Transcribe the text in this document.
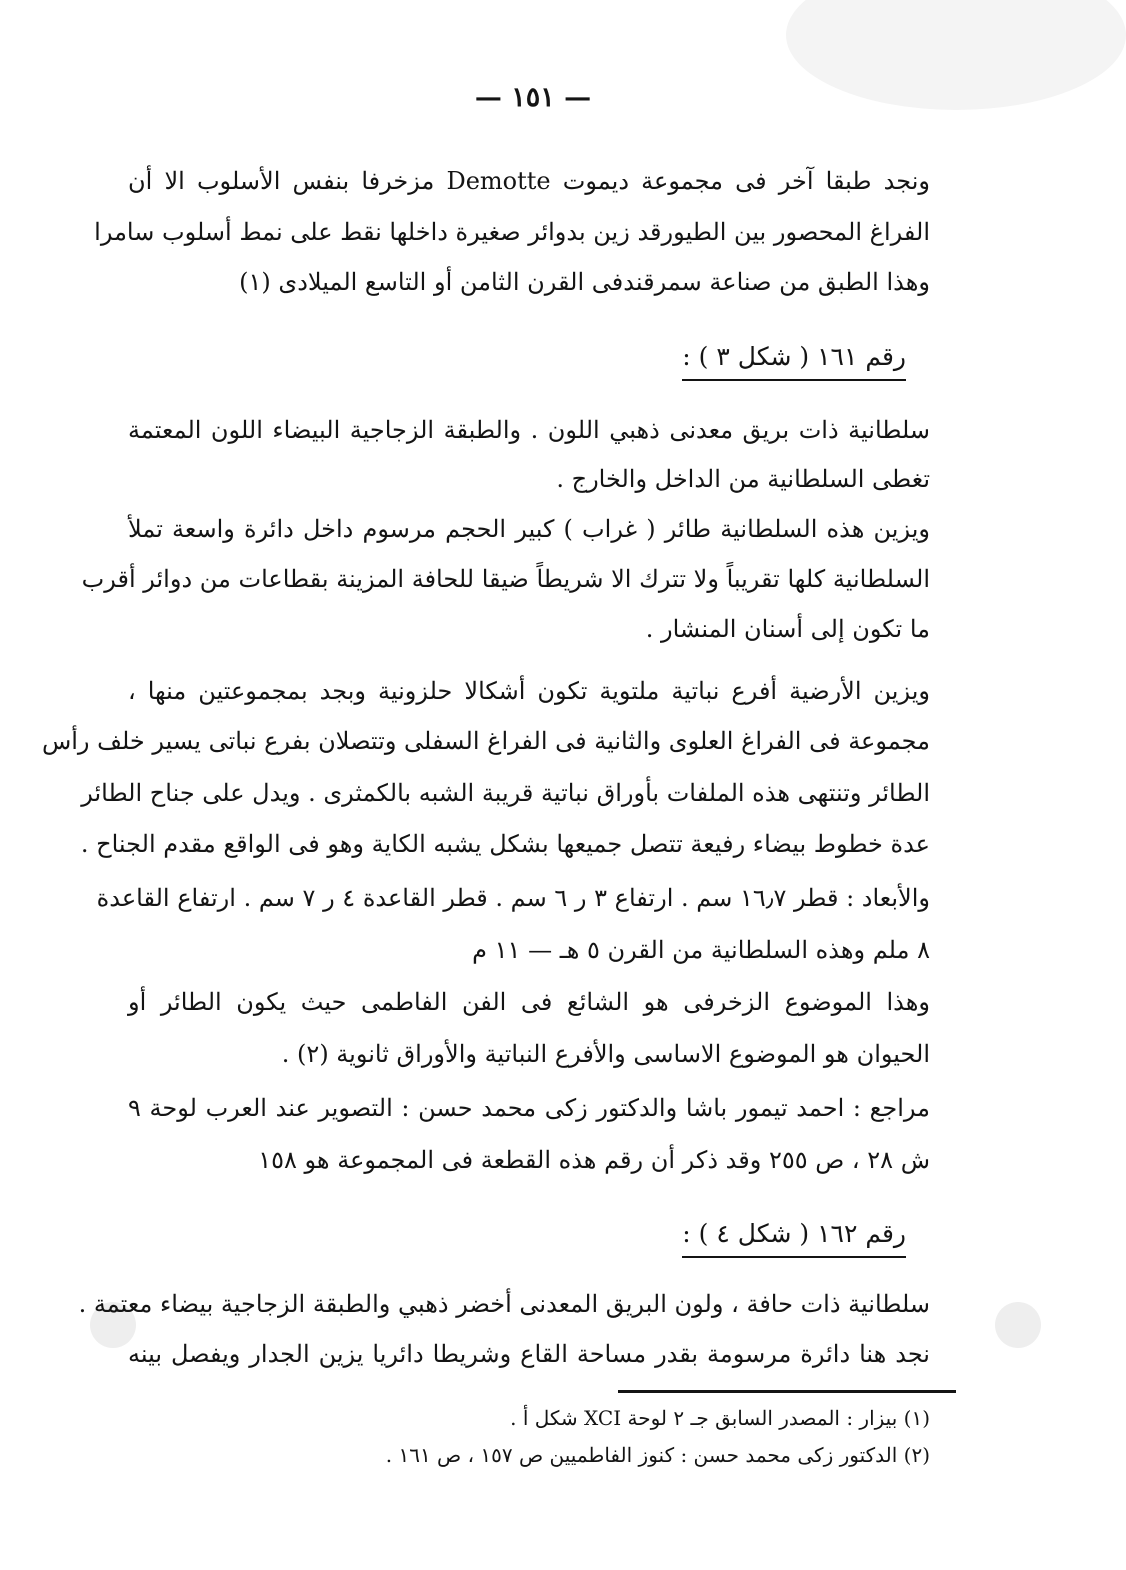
— ١٥١ —
ونجد طبقا آخر فى مجموعة ديموت Demotte مزخرفا بنفس الأسلوب الا أن
الفراغ المحصور بين الطيورقد زين بدوائر صغيرة داخلها نقط على نمط أسلوب سامرا
وهذا الطبق من صناعة سمرقندفى القرن الثامن أو التاسع الميلادى (١)
رقم ١٦١ ( شكل ٣ ) :
سلطانية ذات بريق معدنى ذهبي اللون . والطبقة الزجاجية البيضاء اللون المعتمة
تغطى السلطانية من الداخل والخارج .
ويزين هذه السلطانية طائر ( غراب ) كبير الحجم مرسوم داخل دائرة واسعة تملأ
السلطانية كلها تقريباً ولا تترك الا شريطاً ضيقا للحافة المزينة بقطاعات من دوائر أقرب
ما تكون إلى أسنان المنشار .
ويزين الأرضية أفرع نباتية ملتوية تكون أشكالا حلزونية وبجد بمجموعتين منها ،
مجموعة فى الفراغ العلوى والثانية فى الفراغ السفلى وتتصلان بفرع نباتى يسير خلف رأس
الطائر وتنتهى هذه الملفات بأوراق نباتية قريبة الشبه بالكمثرى . ويدل على جناح الطائر
عدة خطوط بيضاء رفيعة تتصل جميعها بشكل يشبه الكاية وهو فى الواقع مقدم الجناح .
والأبعاد : قطر ١٦٫٧ سم . ارتفاع ٣ ر ٦ سم . قطر القاعدة ٤ ر ٧ سم . ارتفاع القاعدة
٨ ملم وهذه السلطانية من القرن ٥ هـ — ١١ م
وهذا الموضوع الزخرفى هو الشائع فى الفن الفاطمى حيث يكون الطائر أو
الحيوان هو الموضوع الاساسى والأفرع النباتية والأوراق ثانوية (٢) .
مراجع : احمد تيمور باشا والدكتور زكى محمد حسن : التصوير عند العرب لوحة ٩
ش ٢٨ ، ص ٢٥٥ وقد ذكر أن رقم هذه القطعة فى المجموعة هو ١٥٨
رقم ١٦٢ ( شكل ٤ ) :
سلطانية ذات حافة ، ولون البريق المعدنى أخضر ذهبي والطبقة الزجاجية بيضاء معتمة .
نجد هنا دائرة مرسومة بقدر مساحة القاع وشريطا دائريا يزين الجدار ويفصل بينه
(١) بيزار : المصدر السابق جـ ٢ لوحة XCI شكل أ .
(٢) الدكتور زكى محمد حسن : كنوز الفاطميين ص ١٥٧ ، ص ١٦١ .
